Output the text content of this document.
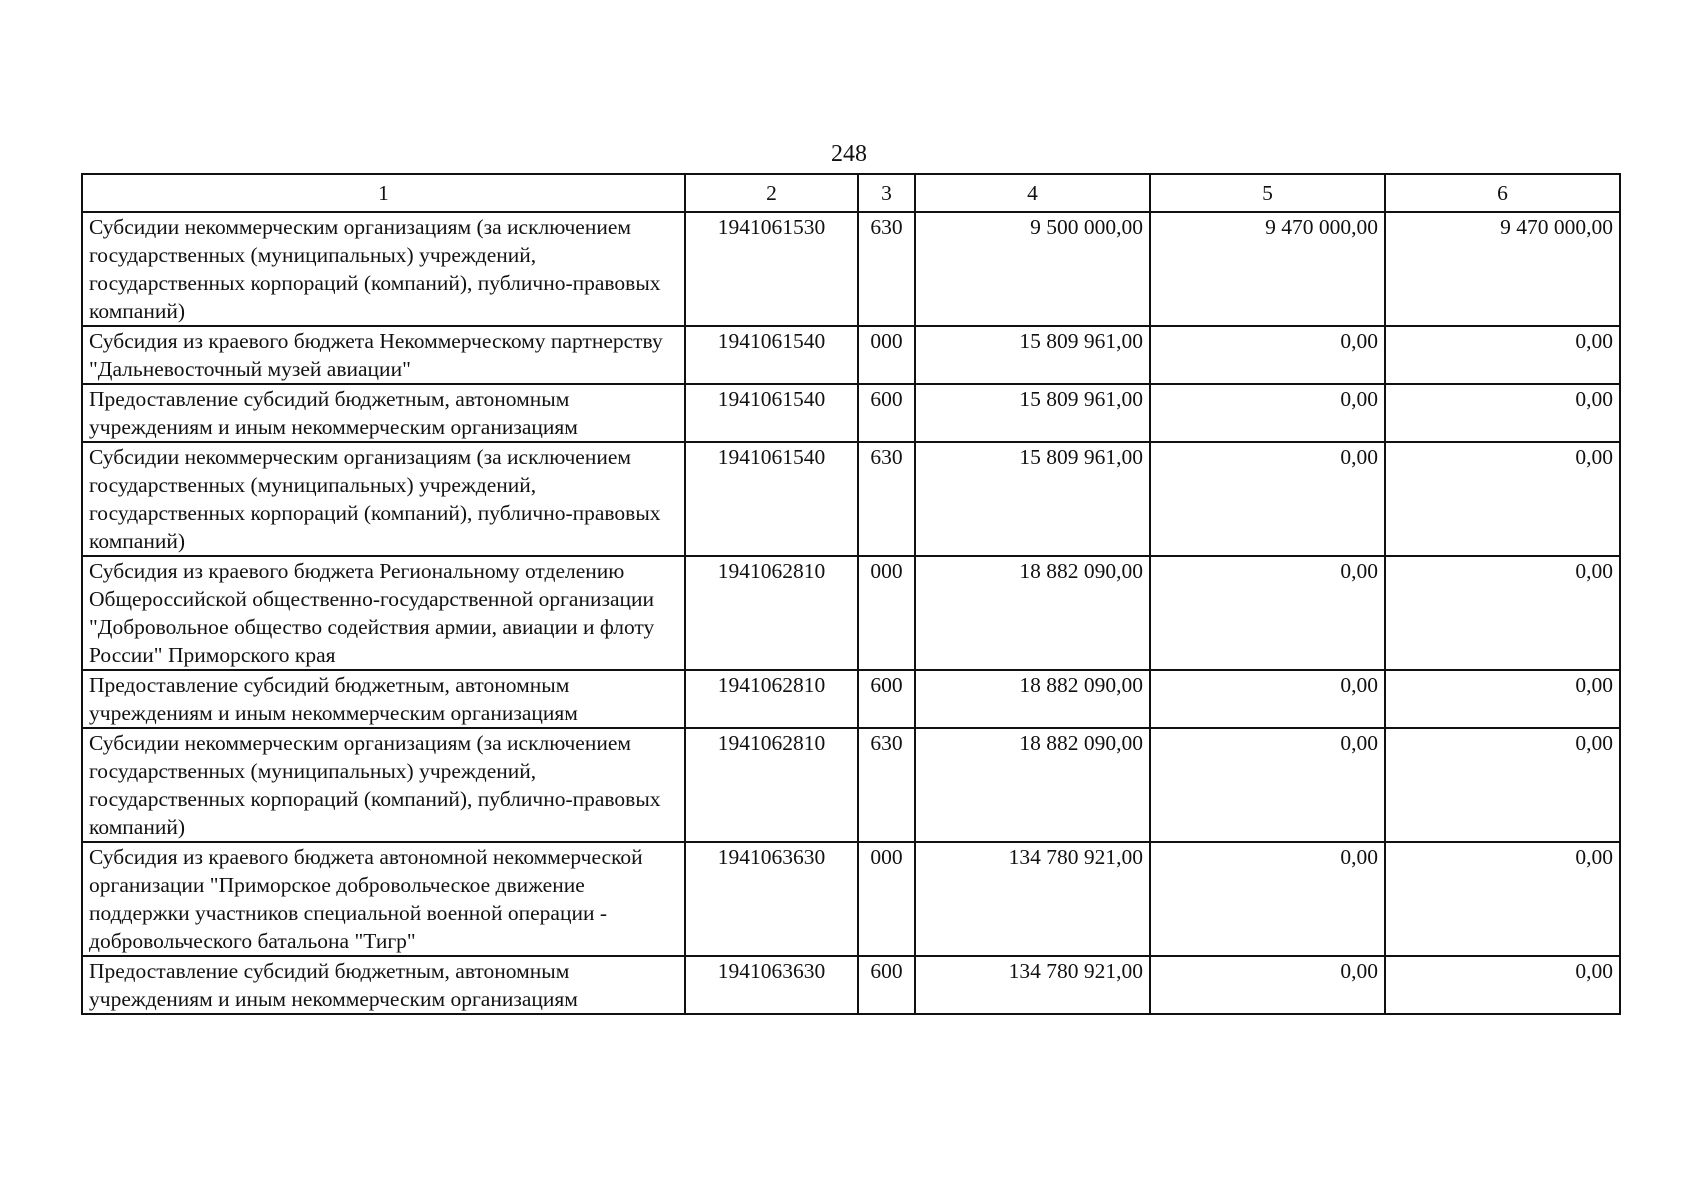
248
1	2	3	4	5	6
Субсидии некоммерческим организациям (за исключением государственных (муниципальных) учреждений, государственных корпораций (компаний), публично-правовых компаний)	1941061530	630	9 500 000,00	9 470 000,00	9 470 000,00
Субсидия из краевого бюджета Некоммерческому партнерству "Дальневосточный музей авиации"	1941061540	000	15 809 961,00	0,00	0,00
Предоставление субсидий бюджетным, автономным учреждениям и иным некоммерческим организациям	1941061540	600	15 809 961,00	0,00	0,00
Субсидии некоммерческим организациям (за исключением государственных (муниципальных) учреждений, государственных корпораций (компаний), публично-правовых компаний)	1941061540	630	15 809 961,00	0,00	0,00
Субсидия из краевого бюджета Региональному отделению Общероссийской общественно-государственной организации "Добровольное общество содействия армии, авиации и флоту России" Приморского края	1941062810	000	18 882 090,00	0,00	0,00
Предоставление субсидий бюджетным, автономным учреждениям и иным некоммерческим организациям	1941062810	600	18 882 090,00	0,00	0,00
Субсидии некоммерческим организациям (за исключением государственных (муниципальных) учреждений, государственных корпораций (компаний), публично-правовых компаний)	1941062810	630	18 882 090,00	0,00	0,00
Субсидия из краевого бюджета автономной некоммерческой организации "Приморское добровольческое движение поддержки участников специальной военной операции - добровольческого батальона "Тигр"	1941063630	000	134 780 921,00	0,00	0,00
Предоставление субсидий бюджетным, автономным учреждениям и иным некоммерческим организациям	1941063630	600	134 780 921,00	0,00	0,00
